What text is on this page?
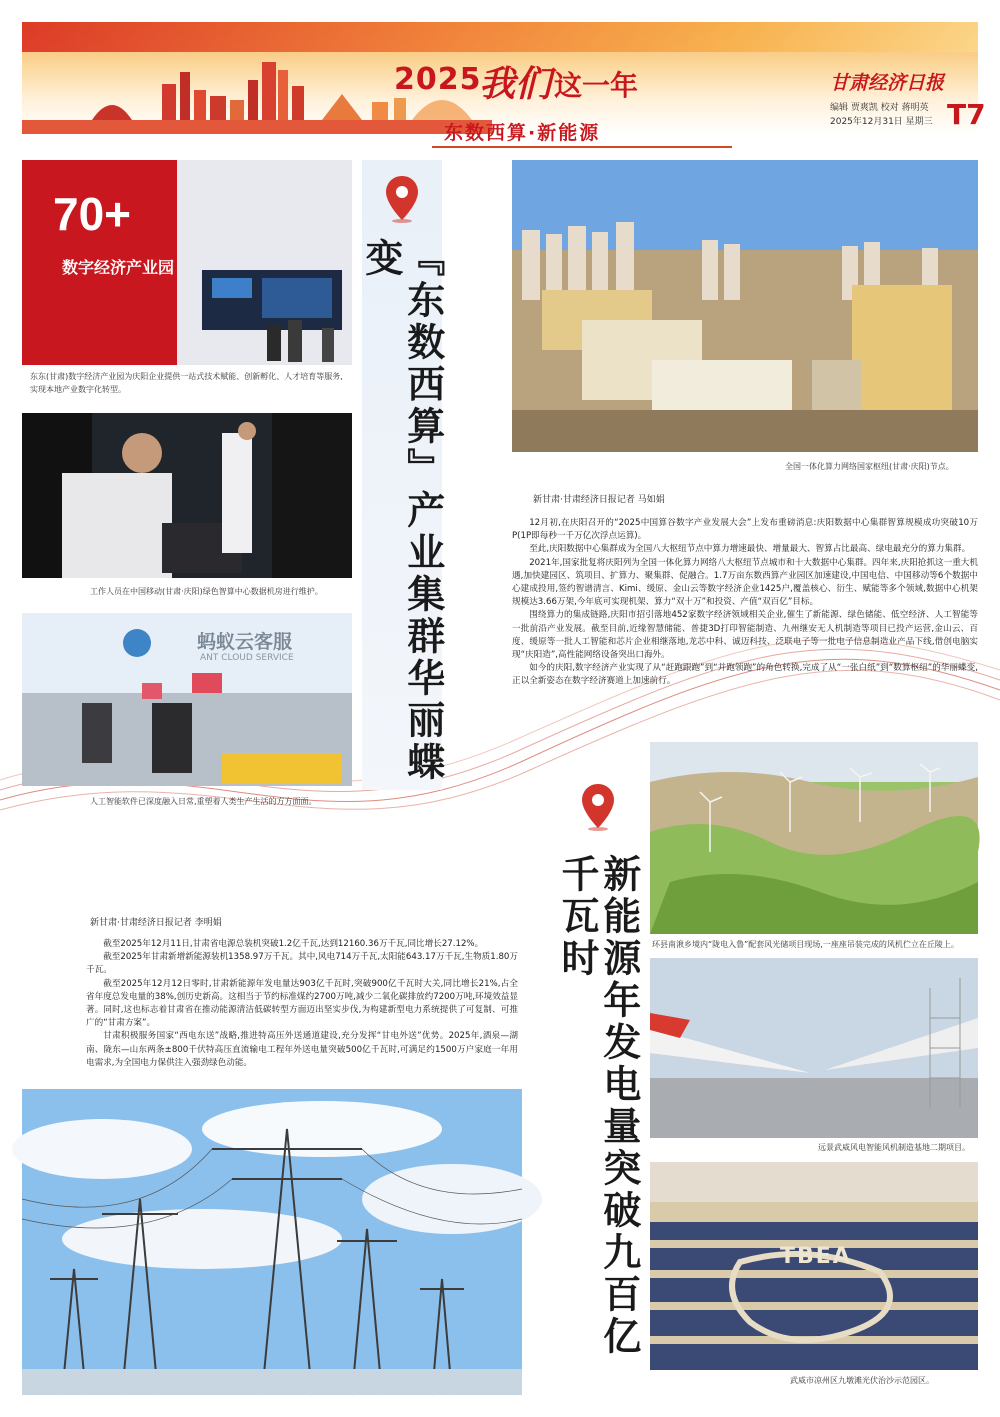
2025
我们 这一年
东数西算·新能源
甘肃经济日报
编辑 贾爽凯 校对 蒋明英
2025年12月31日 星期三 T7
70+
数字经济产业园
东东(甘肃)数字经济产业园为庆阳企业提供一站式技术赋能、创新孵化、人才培育等服务,实现本地产业数字化转型。
工作人员在中国移动(甘肃·庆阳)绿色智算中心数据机房进行维护。
蚂蚁云客服
ANT CLOUD SERVICE
人工智能软件已深度融入日常,重塑着人类生产生活的方方面面。
『东数西算』产业集群华丽蝶变
全国一体化算力网络国家枢纽(甘肃·庆阳)节点。
新甘肃·甘肃经济日报记者 马如娟

12月初,在庆阳召开的“2025中国算谷数字产业发展大会”上发布重磅消息:庆阳数据中心集群智算规模成功突破10万P(1P即每秒一千万亿次浮点运算)。

至此,庆阳数据中心集群成为全国八大枢纽节点中算力增速最快、增量最大、智算占比最高、绿电最充分的算力集群。

2021年,国家批复将庆阳列为全国一体化算力网络八大枢纽节点城市和十大数据中心集群。四年来,庆阳抢抓这一重大机遇,加快建园区、筑项目、扩算力、聚集群、促融合。1.7万亩东数西算产业园区加速建设,中国电信、中国移动等6个数据中心建成投用,签约智谱清言、Kimi、缓原、金山云等数字经济企业1425户,覆盖核心、衍生、赋能等多个领域,数据中心机架规模达3.66万架,今年底可实现机架、算力“双十万”和投资、产值“双百亿”目标。

围绕算力的集成链路,庆阳市招引落地452家数字经济领域相关企业,催生了新能源、绿色储能、低空经济、人工智能等一批前沿产业发展。截至目前,近缘智慧储能、普捷3D打印智能制造、九州继安无人机制造等项目已投产运营,金山云、百度、缓原等一批人工智能和芯片企业相继落地,龙芯中科、诚迈科技、泛联电子等一批电子信息制造业产品下线,借创电脑实现“庆阳造”,高性能网络设备突出口海外。

如今的庆阳,数字经济产业实现了从“赶跑跟跑”到“并跑领跑”的角色转换,完成了从“一张白纸”到“数算枢纽”的华丽蝶变,正以全新姿态在数字经济赛道上加速前行。

新甘肃·甘肃经济日报记者 李明娟

截至2025年12月11日,甘肃省电源总装机突破1.2亿千瓦,达到12160.36万千瓦,同比增长27.12%。

截至2025年甘肃新增新能源装机1358.97万千瓦。其中,风电714万千瓦,太阳能643.17万千瓦,生物质1.80万千瓦。

截至2025年12月12日零时,甘肃新能源年发电量达903亿千瓦时,突破900亿千瓦时大关,同比增长21%,占全省年度总发电量的38%,创历史新高。这相当于节约标准煤约2700万吨,减少二氧化碳排放约7200万吨,环境效益显著。同时,这也标志着甘肃省在推动能源清洁低碳转型方面迈出坚实步伐,为构建新型电力系统提供了可复制、可推广的“甘肃方案”。

甘肃积极服务国家“西电东送”战略,推进特高压外送通道建设,充分发挥“甘电外送”优势。2025年,酒泉—湖南、陇东—山东两条±800千伏特高压直流输电工程年外送电量突破500亿千瓦时,可满足约1500万户家庭一年用电需求,为全国电力保供注入强劲绿色动能。	新能源年发电量突破九百亿千瓦时	环县南湫乡境内“陇电入鲁”配套风光储项目现场,一座座吊装完成的风机伫立在丘陵上。
远景武威风电智能风机制造基地二期项目。
TBEA
武威市凉州区九墩滩光伏治沙示范园区。
